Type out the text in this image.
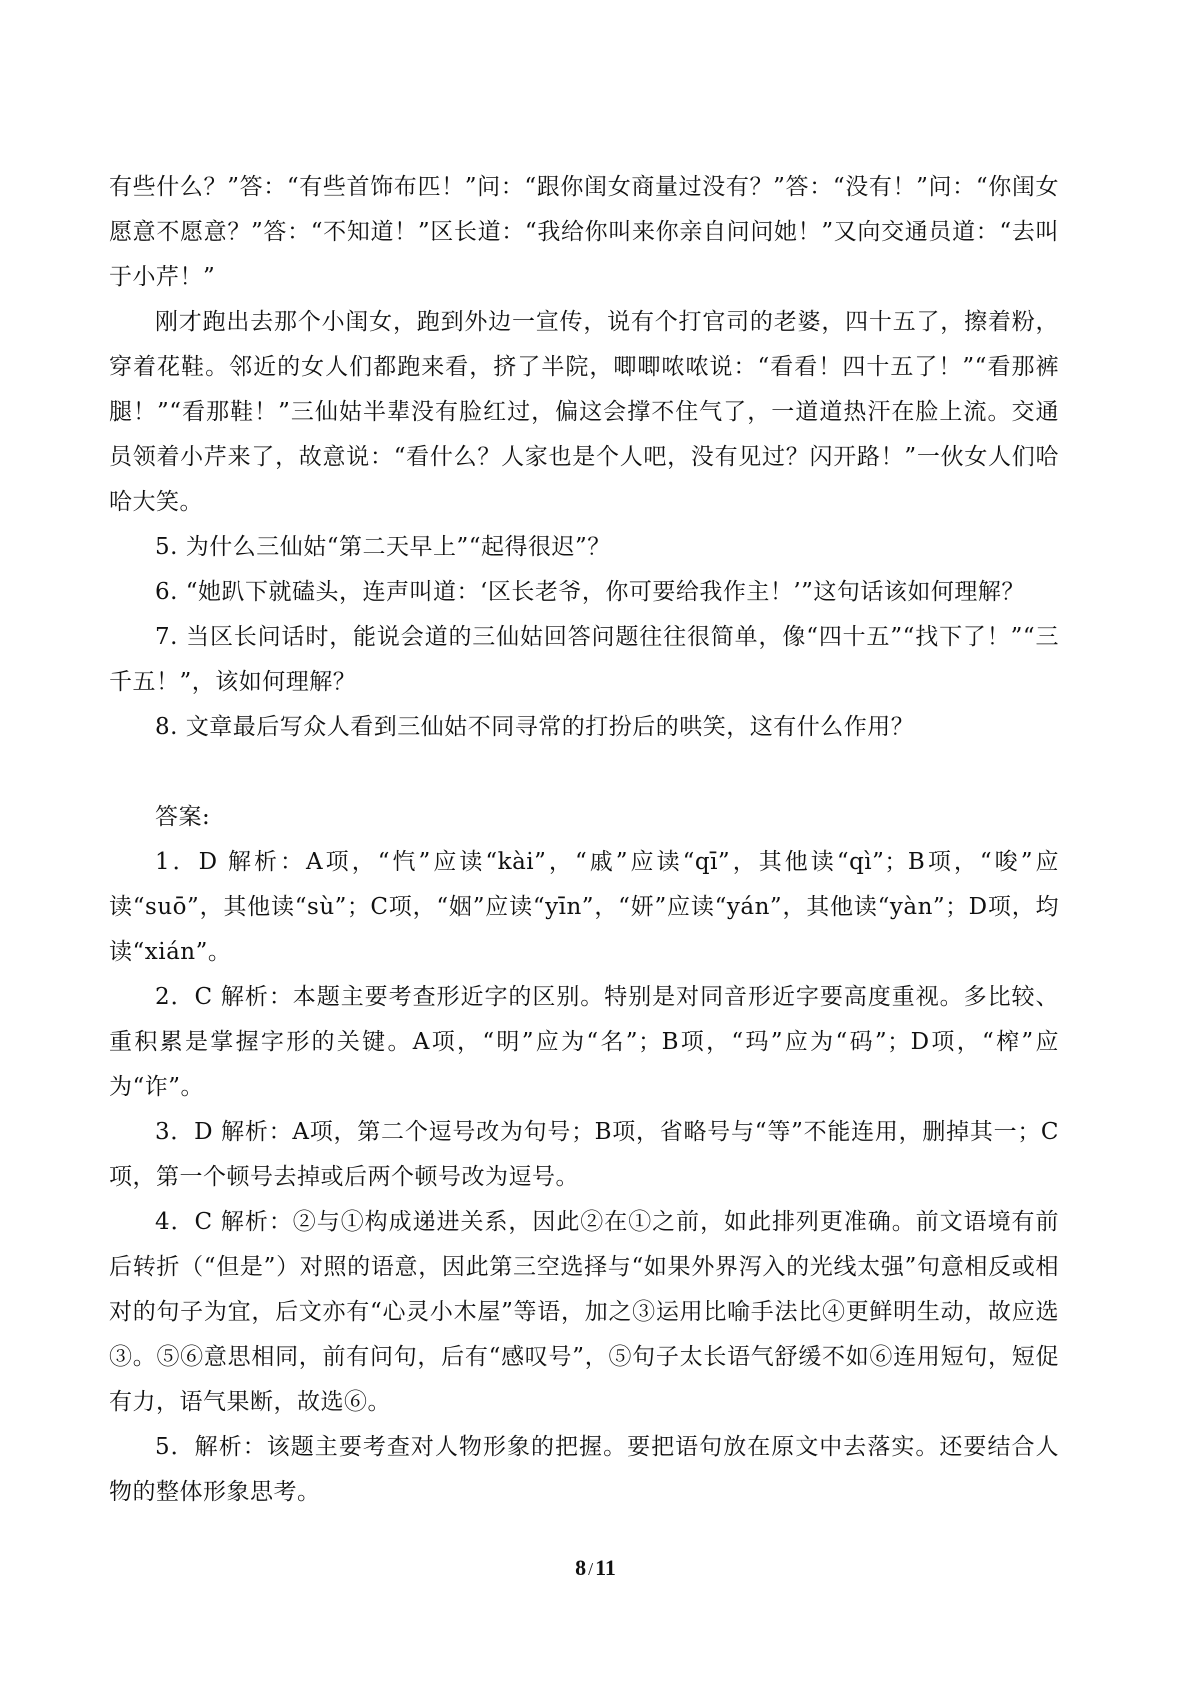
有些什么？”答：“有些首饰布匹！”问：“跟你闺女商量过没有？”答：“没有！”问：“你闺女愿意不愿意？”答：“不知道！”区长道：“我给你叫来你亲自问问她！”又向交通员道：“去叫于小芹！”

刚才跑出去那个小闺女，跑到外边一宣传，说有个打官司的老婆，四十五了，擦着粉，穿着花鞋。邻近的女人们都跑来看，挤了半院，唧唧哝哝说：“看看！四十五了！”“看那裤腿！”“看那鞋！”三仙姑半辈没有脸红过，偏这会撑不住气了，一道道热汗在脸上流。交通员领着小芹来了，故意说：“看什么？人家也是个人吧，没有见过？闪开路！”一伙女人们哈哈大笑。

5. 为什么三仙姑“第二天早上”“起得很迟”？

6. “她趴下就磕头，连声叫道：‘区长老爷，你可要给我作主！’”这句话该如何理解？

7. 当区长问话时，能说会道的三仙姑回答问题往往很简单，像“四十五”“找下了！”“三千五！”，该如何理解？

8. 文章最后写众人看到三仙姑不同寻常的打扮后的哄笑，这有什么作用？

答案:

1．D 解析：A项，“忾”应读“kài”，“戚”应读“qī”，其他读“qì”；B项，“唆”应读“suō”，其他读“sù”；C项，“姻”应读“yīn”，“妍”应读“yán”，其他读“yàn”；D项，均读“xián”。

2．C 解析：本题主要考查形近字的区别。特别是对同音形近字要高度重视。多比较、重积累是掌握字形的关键。A项，“明”应为“名”；B项，“玛”应为“码”；D项，“榨”应为“诈”。

3．D 解析：A项，第二个逗号改为句号；B项，省略号与“等”不能连用，删掉其一；C项，第一个顿号去掉或后两个顿号改为逗号。

4．C 解析：②与①构成递进关系，因此②在①之前，如此排列更准确。前文语境有前后转折（“但是”）对照的语意，因此第三空选择与“如果外界泻入的光线太强”句意相反或相对的句子为宜，后文亦有“心灵小木屋”等语，加之③运用比喻手法比④更鲜明生动，故应选③。⑤⑥意思相同，前有问句，后有“感叹号”，⑤句子太长语气舒缓不如⑥连用短句，短促有力，语气果断，故选⑥。

5．解析：该题主要考查对人物形象的把握。要把语句放在原文中去落实。还要结合人物的整体形象思考。

8 /11
